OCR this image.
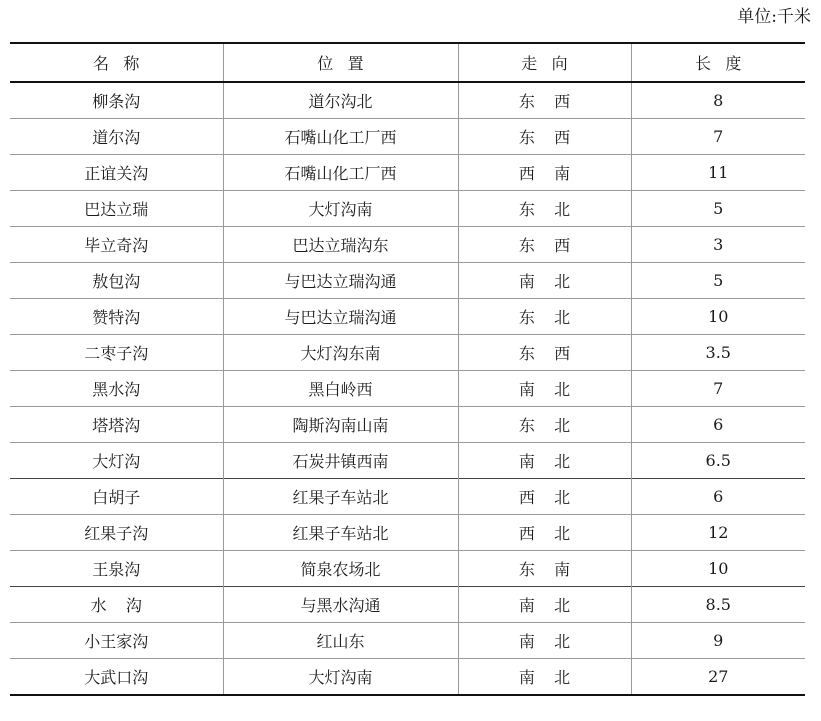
单位:千米
名称	位置	走向	长度
柳条沟	道尔沟北	东西	8
道尔沟	石嘴山化工厂西	东西	7
正谊关沟	石嘴山化工厂西	西南	11
巴达立瑞	大灯沟南	东北	5
毕立奇沟	巴达立瑞沟东	东西	3
敖包沟	与巴达立瑞沟通	南北	5
赞特沟	与巴达立瑞沟通	东北	10
二枣子沟	大灯沟东南	东西	3.5
黑水沟	黑白岭西	南北	7
塔塔沟	陶斯沟南山南	东北	6
大灯沟	石炭井镇西南	南北	6.5
白胡子	红果子车站北	西北	6
红果子沟	红果子车站北	西北	12
王泉沟	简泉农场北	东南	10
水沟	与黑水沟通	南北	8.5
小王家沟	红山东	南北	9
大武口沟	大灯沟南	南北	27
